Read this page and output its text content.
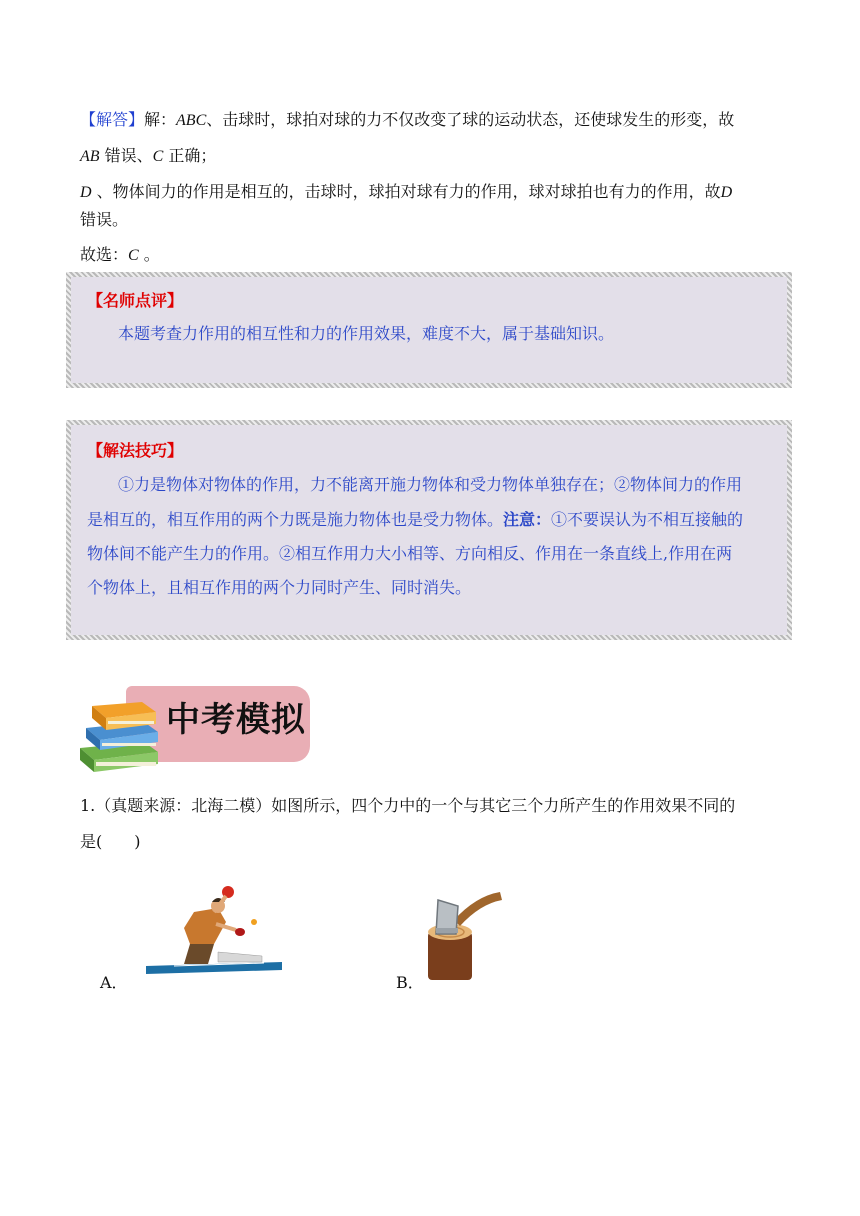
【解答】解：ABC、击球时，球拍对球的力不仅改变了球的运动状态，还使球发生的形变，故
AB 错误、C 正确；
D 、物体间力的作用是相互的，击球时，球拍对球有力的作用，球对球拍也有力的作用，故D
错误。
故选：C 。
【名师点评】
本题考查力作用的相互性和力的作用效果，难度不大，属于基础知识。
【解法技巧】
①力是物体对物体的作用，力不能离开施力物体和受力物体单独存在；②物体间力的作用
是相互的，相互作用的两个力既是施力物体也是受力物体。注意：①不要误认为不相互接触的
物体间不能产生力的作用。②相互作用力大小相等、方向相反、作用在一条直线上,作用在两
个物体上，且相互作用的两个力同时产生、同时消失。
中考模拟
1.（真题来源：北海二模）如图所示，四个力中的一个与其它三个力所产生的作用效果不同的
是(　　)
A．	B．
